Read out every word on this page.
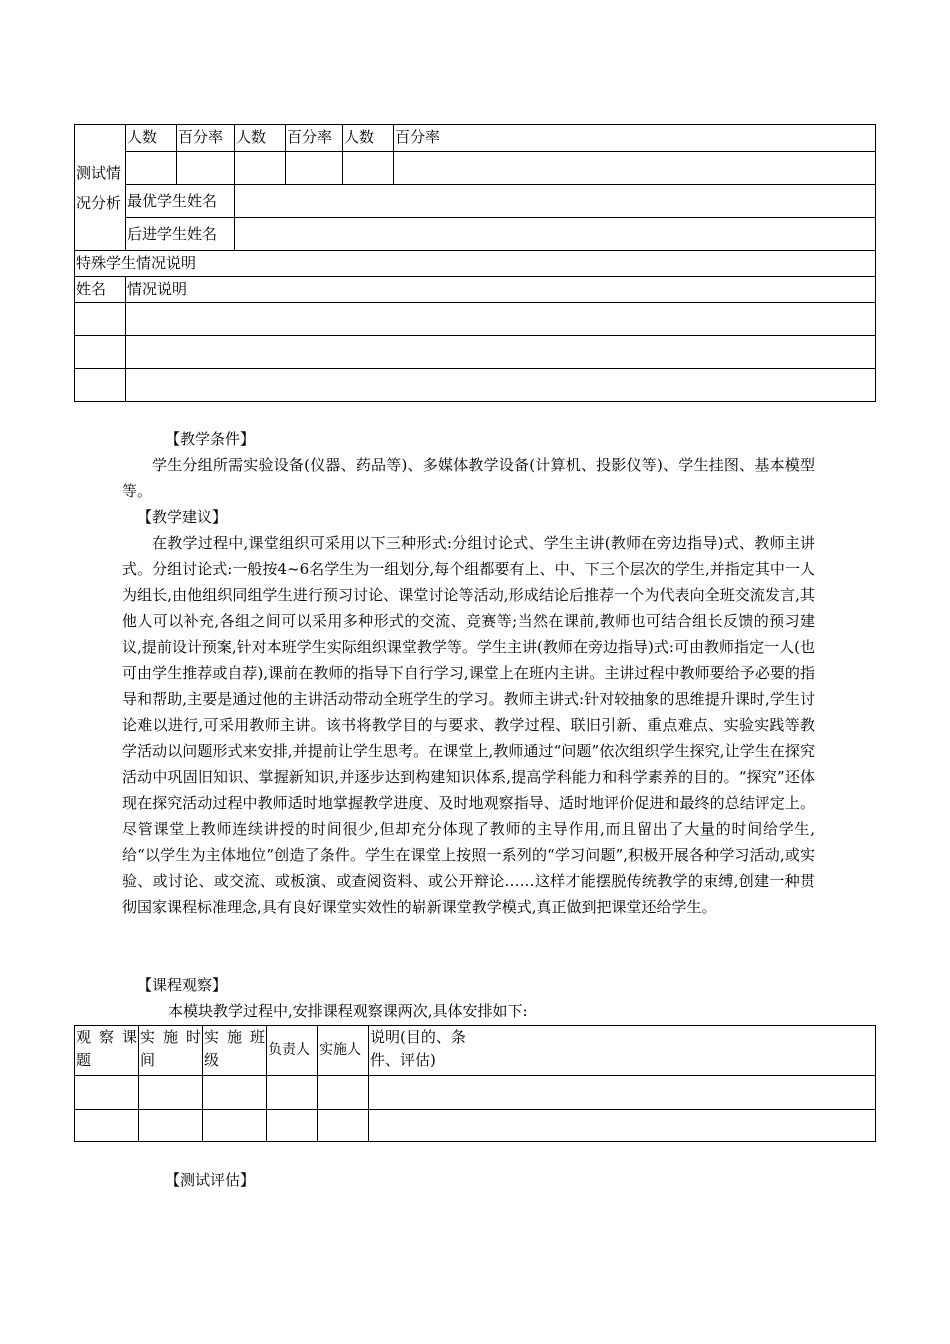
测试情况分析	人数	百分率	人数	百分率	人数	百分率

	最优学生姓名					
	后进学生姓名					
特殊学生情况说明						
姓名	情况说明					

【教学条件】

学生分组所需实验设备(仪器、药品等)、多媒体教学设备(计算机、投影仪等)、学生挂图、基本模型等。

【教学建议】

在教学过程中,课堂组织可采用以下三种形式:分组讨论式、学生主讲(教师在旁边指导)式、教师主讲式。分组讨论式:一般按4~6名学生为一组划分,每个组都要有上、中、下三个层次的学生,并指定其中一人为组长,由他组织同组学生进行预习讨论、课堂讨论等活动,形成结论后推荐一个为代表向全班交流发言,其他人可以补充,各组之间可以采用多种形式的交流、竞赛等;当然在课前,教师也可结合组长反馈的预习建议,提前设计预案,针对本班学生实际组织课堂教学等。学生主讲(教师在旁边指导)式:可由教师指定一人(也可由学生推荐或自荐),课前在教师的指导下自行学习,课堂上在班内主讲。主讲过程中教师要给予必要的指导和帮助,主要是通过他的主讲活动带动全班学生的学习。教师主讲式:针对较抽象的思维提升课时,学生讨论难以进行,可采用教师主讲。该书将教学目的与要求、教学过程、联旧引新、重点难点、实验实践等教学活动以问题形式来安排,并提前让学生思考。在课堂上,教师通过“问题”依次组织学生探究,让学生在探究活动中巩固旧知识、掌握新知识,并逐步达到构建知识体系,提高学科能力和科学素养的目的。“探究”还体现在探究活动过程中教师适时地掌握教学进度、及时地观察指导、适时地评价促进和最终的总结评定上。尽管课堂上教师连续讲授的时间很少,但却充分体现了教师的主导作用,而且留出了大量的时间给学生,给“以学生为主体地位”创造了条件。学生在课堂上按照一系列的“学习问题”,积极开展各种学习活动,或实验、或讨论、或交流、或板演、或查阅资料、或公开辩论……这样才能摆脱传统教学的束缚,创建一种贯彻国家课程标准理念,具有良好课堂实效性的崭新课堂教学模式,真正做到把课堂还给学生。

【课程观察】
本模块教学过程中,安排课程观察课两次,具体安排如下:
观 察 课题	实 施 时间	实 施 班级	负责人	实施人	说明(目的、条件、评估)

【测试评估】
